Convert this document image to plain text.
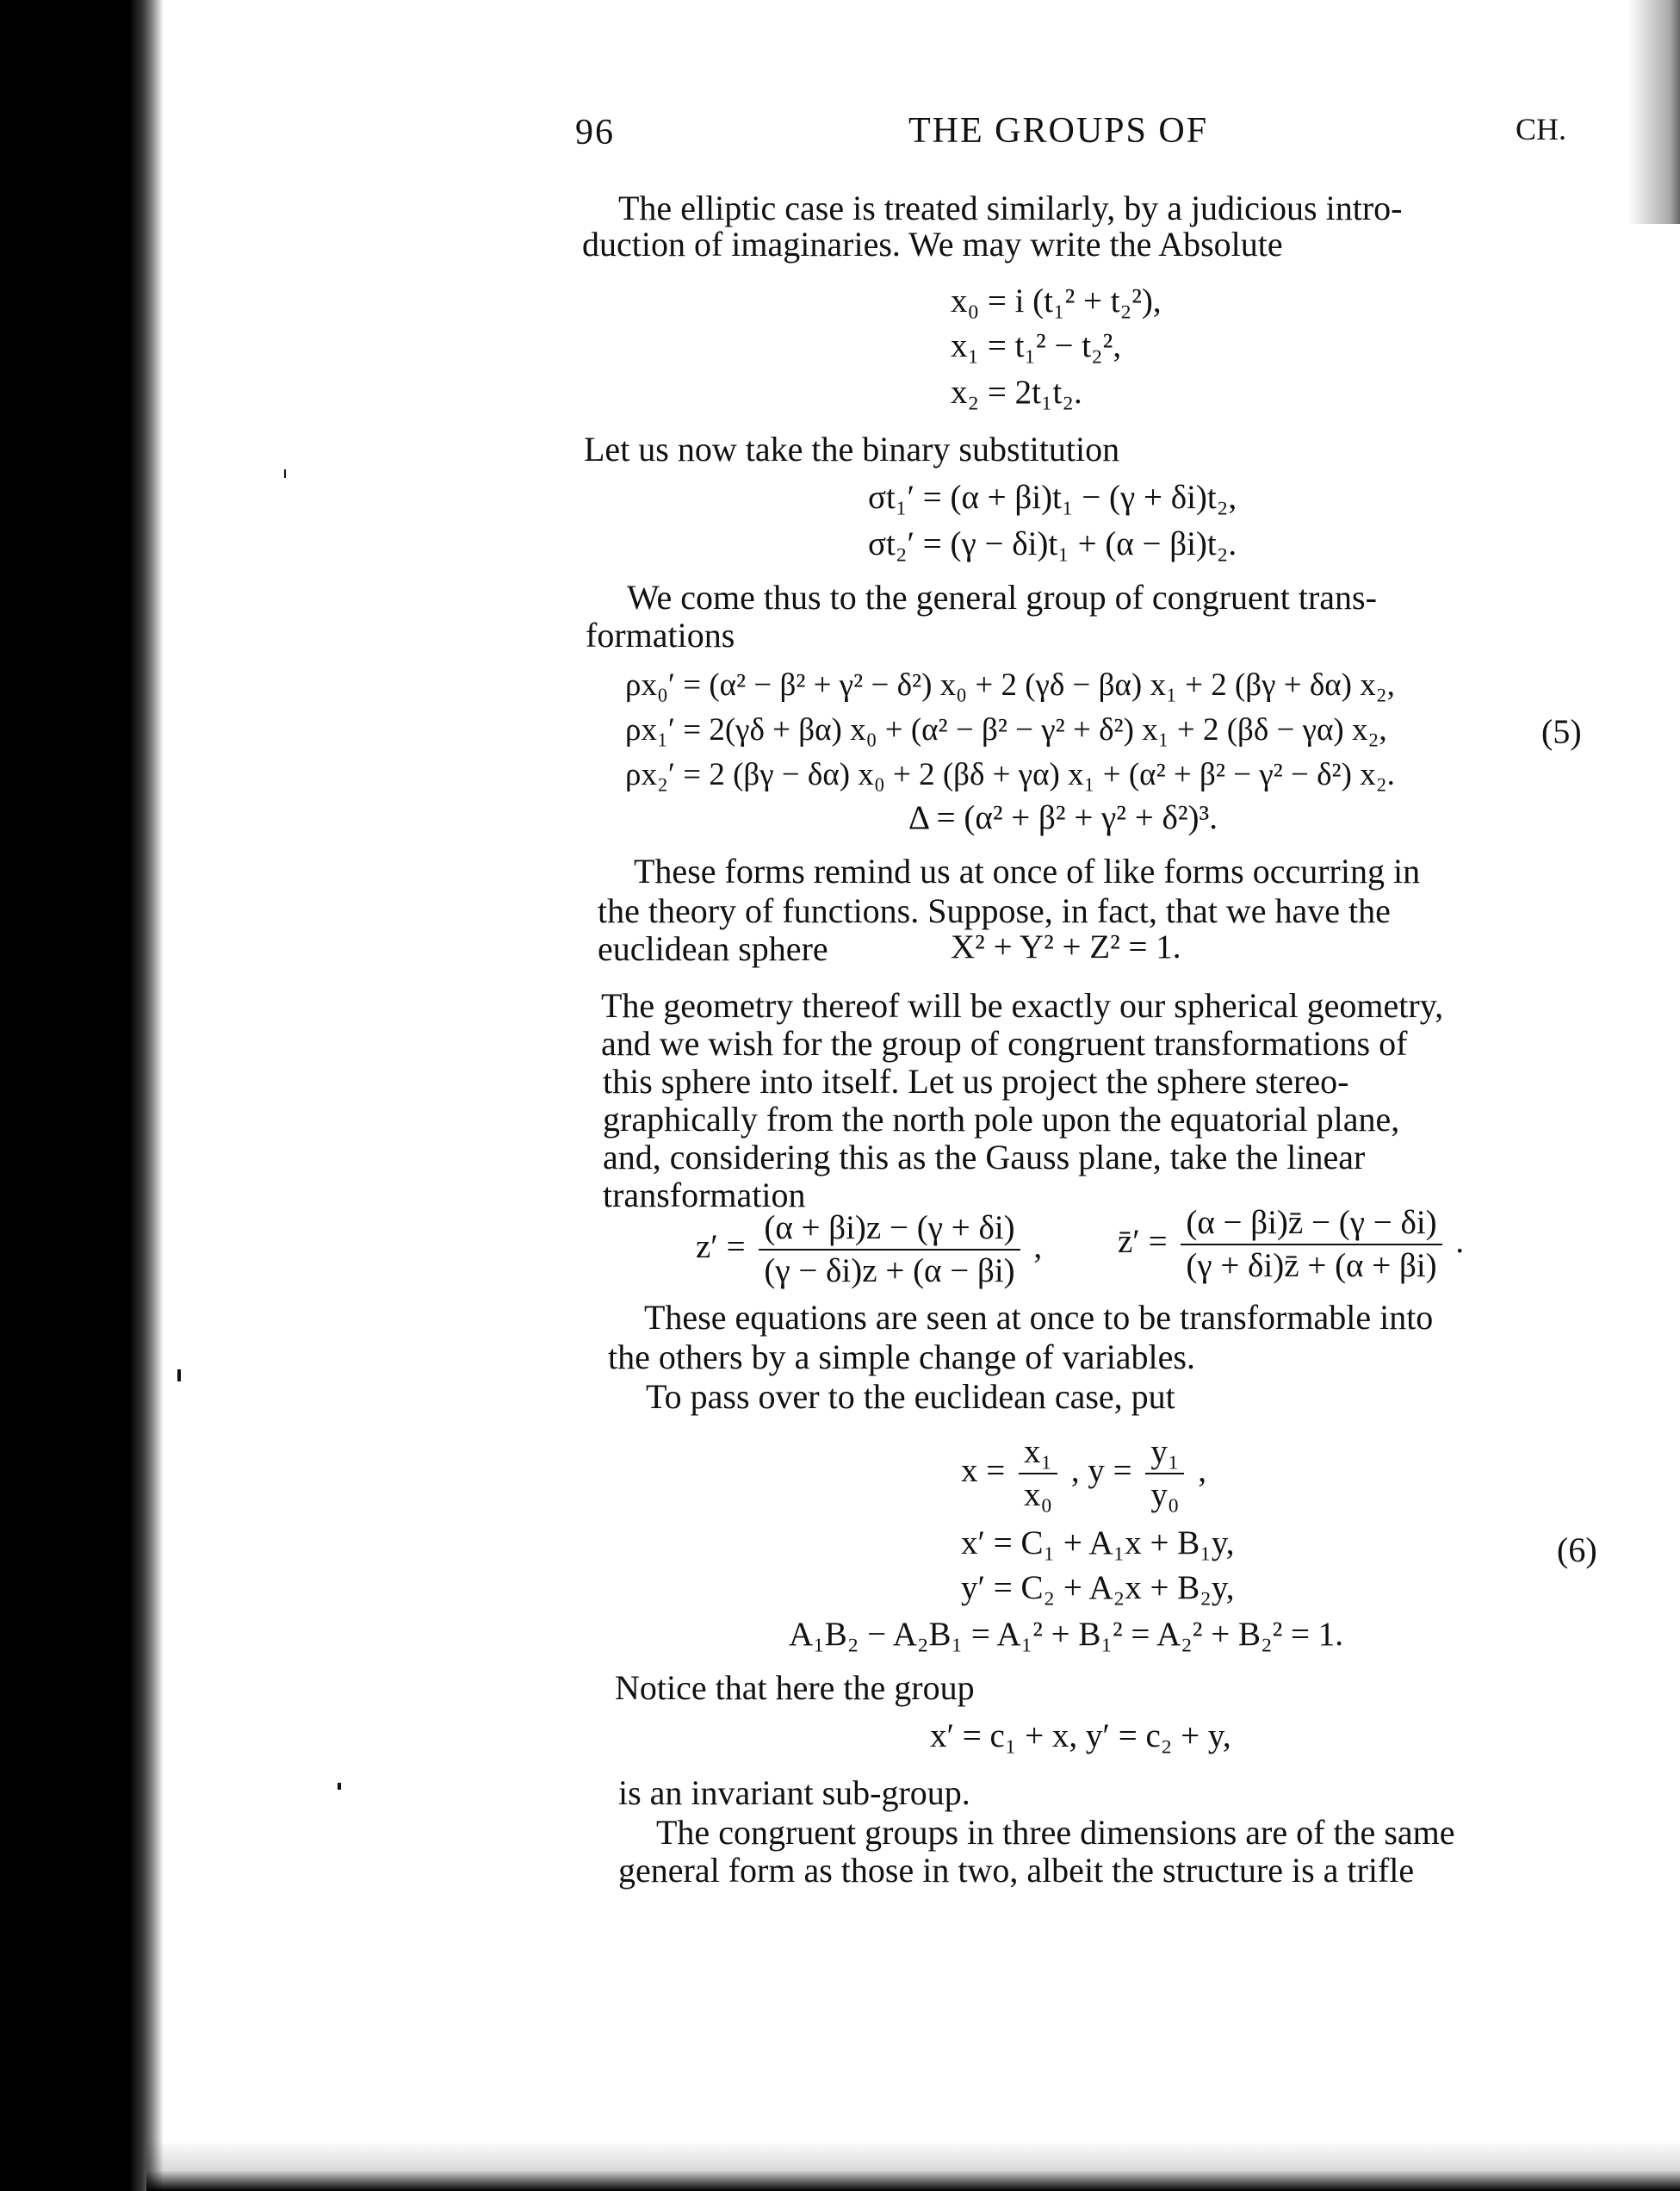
96	THE GROUPS OF	CH.
The elliptic case is treated similarly, by a judicious intro-
duction of imaginaries. We may write the Absolute
x₀ = i (t₁² + t₂²),
x₁ = t₁² − t₂²,
x₂ = 2t₁t₂.
Let us now take the binary substitution
σt₁′ = (α + βi)t₁ − (γ + δi)t₂,
σt₂′ = (γ − δi)t₁ + (α − βi)t₂.
We come thus to the general group of congruent trans-
formations
ρx₀′ = (α² − β² + γ² − δ²) x₀ + 2 (γδ − βα) x₁ + 2 (βγ + δα) x₂,
ρx₁′ = 2(γδ + βα) x₀ + (α² − β² − γ² + δ²) x₁ + 2 (βδ − γα) x₂,
ρx₂′ = 2 (βγ − δα) x₀ + 2 (βδ + γα) x₁ + (α² + β² − γ² − δ²) x₂.
(5)
Δ = (α² + β² + γ² + δ²)³.
These forms remind us at once of like forms occurring in
the theory of functions. Suppose, in fact, that we have the
euclidean sphere	X² + Y² + Z² = 1.
The geometry thereof will be exactly our spherical geometry,
and we wish for the group of congruent transformations of
this sphere into itself. Let us project the sphere stereo-
graphically from the north pole upon the equatorial plane,
and, considering this as the Gauss plane, take the linear
transformation
$z' = \frac{(\alpha + \beta i)z - (\gamma + \delta i)}{(\gamma - \delta i)z + (\alpha - \beta i)}$ , z̄′ = $\frac{(\alpha - \beta i)z̄ - (\gamma - \delta i)}{(\gamma + \delta i)z̄ + (\alpha + \beta i)}$ .
These equations are seen at once to be transformable into
the others by a simple change of variables.
To pass over to the euclidean case, put
$x = \frac{\text{x₁}}{\text{x₀}}$ , $y = \frac{\text{y₁}}{\text{y₀}}$ ,
x′ = C₁ + A₁x + B₁y,	(6)
y′ = C₂ + A₂x + B₂y,
A₁B₂ − A₂B₁ = A₁² + B₁² = A₂² + B₂² = 1.
Notice that here the group
x′ = c₁ + x, y′ = c₂ + y,
is an invariant sub-group.
The congruent groups in three dimensions are of the same
general form as those in two, albeit the structure is a trifle
